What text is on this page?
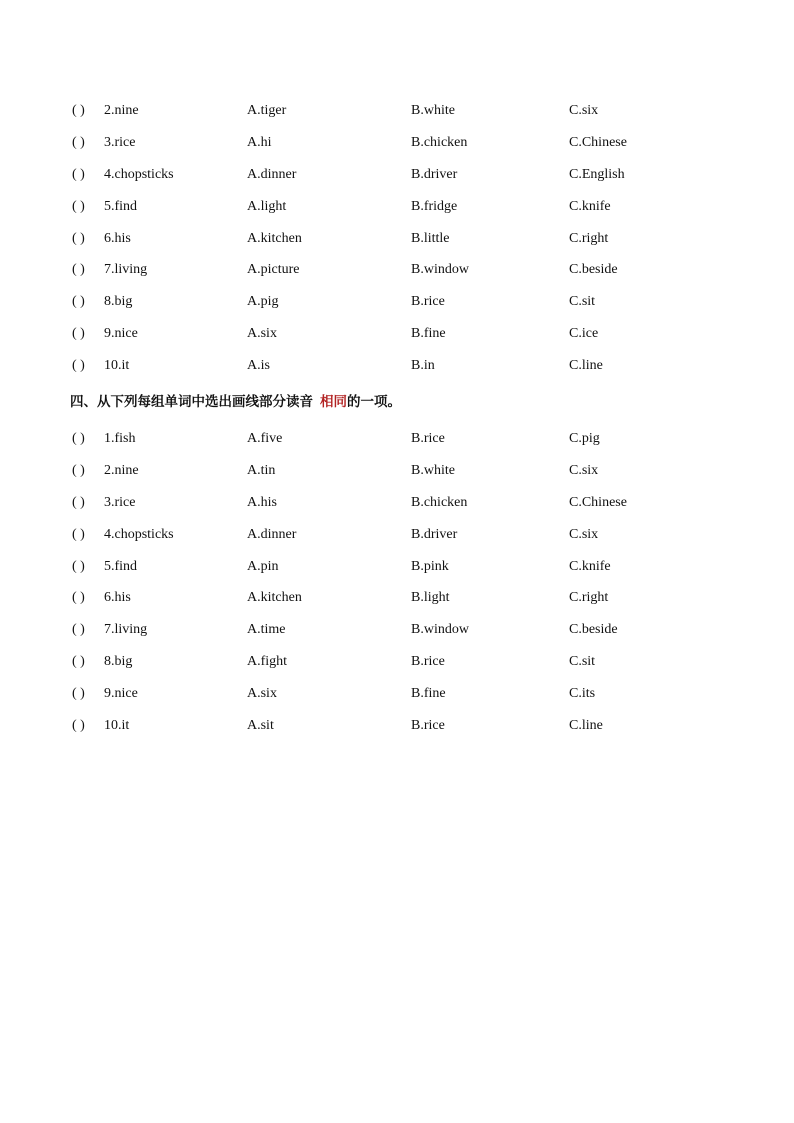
( ) 2.nine	A.tiger	B.white	C.six
( ) 3.rice	A.hi	B.chicken	C.Chinese
( ) 4.chopsticks	A.dinner	B.driver	C.English
( ) 5.find	A.light	B.fridge	C.knife
( ) 6.his	A.kitchen	B.little	C.right
( ) 7.living	A.picture	B.window	C.beside
( ) 8.big	A.pig	B.rice	C.sit
( ) 9.nice	A.six	B.fine	C.ice
( ) 10.it	A.is	B.in	C.line
四、从下列每组单词中选出画线部分读音 相同的一项。
( ) 1.fish	A.five	B.rice	C.pig
( ) 2.nine	A.tin	B.white	C.six
( ) 3.rice	A.his	B.chicken	C.Chinese
( ) 4.chopsticks	A.dinner	B.driver	C.six
( ) 5.find	A.pin	B.pink	C.knife
( ) 6.his	A.kitchen	B.light	C.right
( ) 7.living	A.time	B.window	C.beside
( ) 8.big	A.fight	B.rice	C.sit
( ) 9.nice	A.six	B.fine	C.its
( ) 10.it	A.sit	B.rice	C.line
